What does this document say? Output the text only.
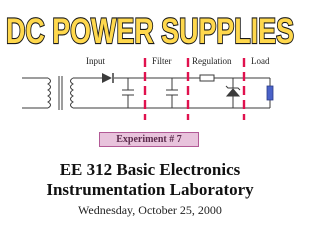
DC POWER SUPPLIES
Input	Filter Regulation Load
Experiment # 7
EE 312 Basic Electronics
Instrumentation Laboratory
Wednesday, October 25, 2000
